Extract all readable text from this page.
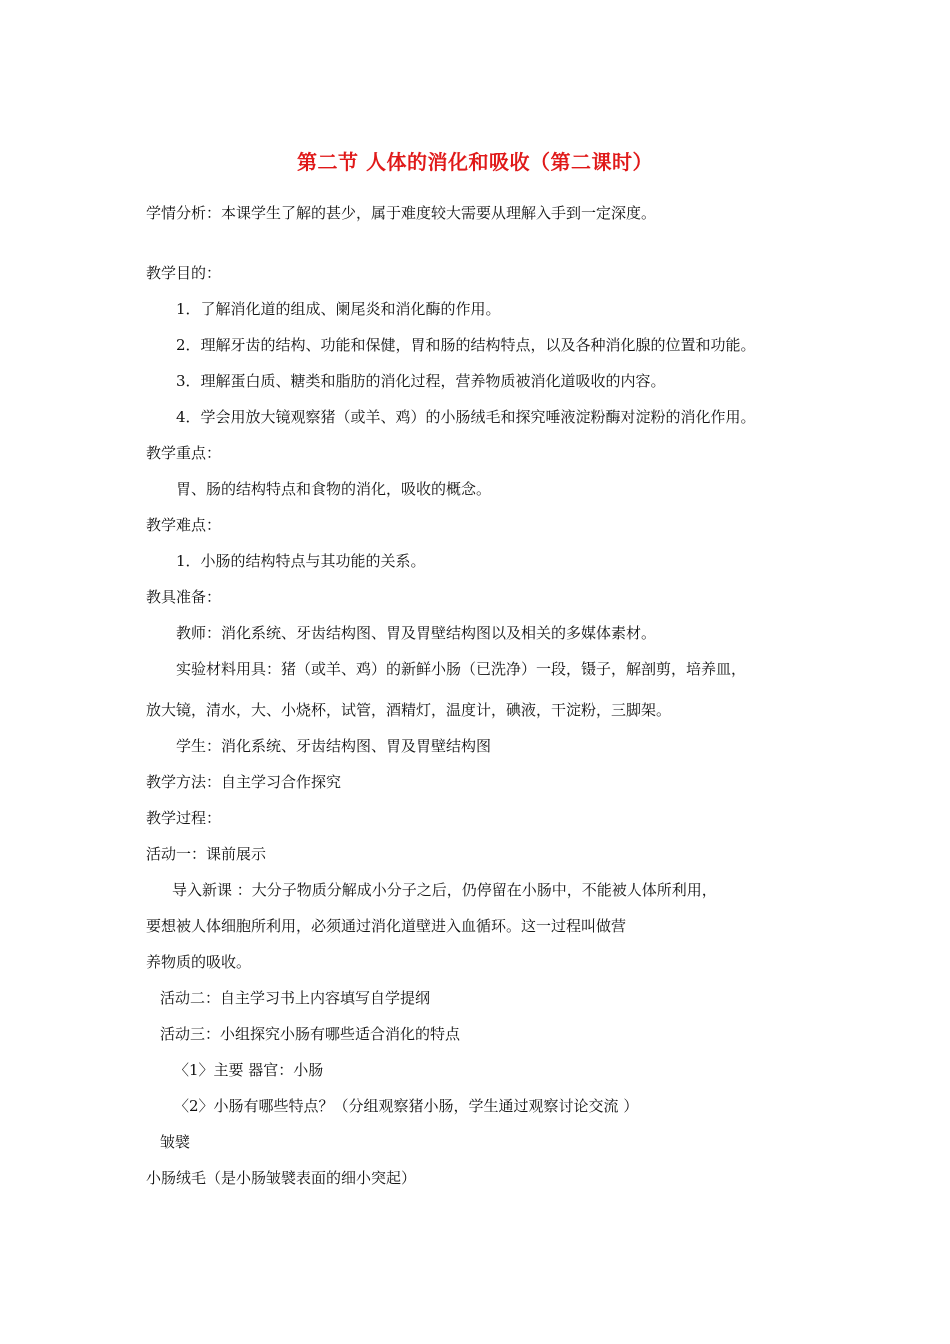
第二节 人体的消化和吸收（第二课时）
学情分析：本课学生了解的甚少，属于难度较大需要从理解入手到一定深度。
教学目的：
1．了解消化道的组成、阑尾炎和消化酶的作用。
2．理解牙齿的结构、功能和保健，胃和肠的结构特点，以及各种消化腺的位置和功能。
3．理解蛋白质、糖类和脂肪的消化过程，营养物质被消化道吸收的内容。
4．学会用放大镜观察猪（或羊、鸡）的小肠绒毛和探究唾液淀粉酶对淀粉的消化作用。
教学重点：
胃、肠的结构特点和食物的消化，吸收的概念。
教学难点：
1．小肠的结构特点与其功能的关系。
教具准备：
教师：消化系统、牙齿结构图、胃及胃壁结构图以及相关的多媒体素材。
实验材料用具：猪（或羊、鸡）的新鲜小肠（已洗净）一段，镊子，解剖剪，培养皿，
放大镜，清水，大、小烧杯，试管，酒精灯，温度计，碘液，干淀粉，三脚架。
学生：消化系统、牙齿结构图、胃及胃壁结构图
教学方法：自主学习合作探究
教学过程：
活动一：课前展示
导入新课 ：大分子物质分解成小分子之后，仍停留在小肠中，不能被人体所利用，
要想被人体细胞所利用，必须通过消化道壁进入血循环。这一过程叫做营
养物质的吸收。
活动二：自主学习书上内容填写自学提纲
活动三：小组探究小肠有哪些适合消化的特点
〈1〉主要 器官：小肠
〈2〉小肠有哪些特点？（分组观察猪小肠，学生通过观察讨论交流 ）
皱襞
小肠绒毛（是小肠皱襞表面的细小突起）
